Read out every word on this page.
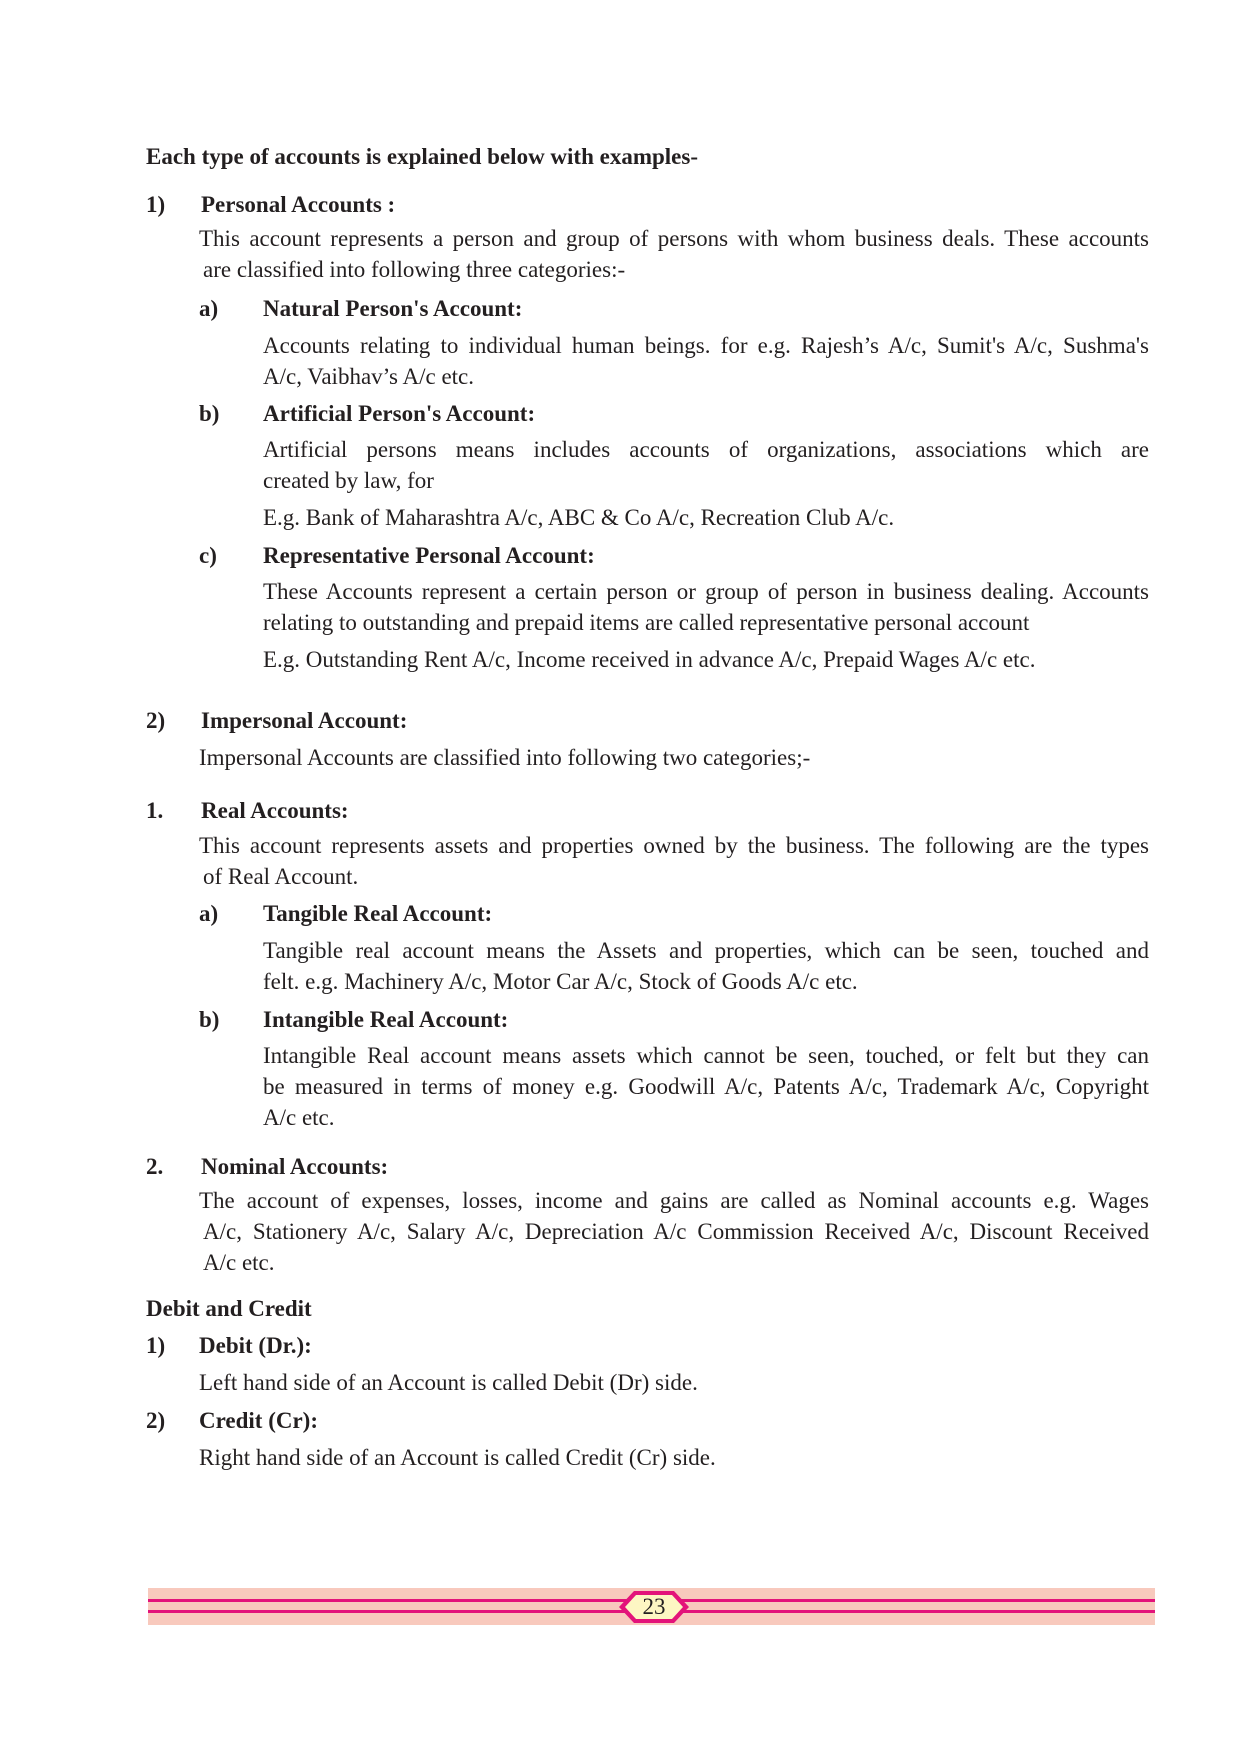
Each type of accounts is explained below with examples-
1) Personal Accounts :
This account represents a person and group of persons with whom business deals. These accounts
are classified into following three categories:-
a) Natural Person's Account:
Accounts relating to individual human beings. for e.g. Rajesh’s A/c, Sumit's A/c, Sushma's
A/c, Vaibhav’s A/c etc.
b) Artificial Person's Account:
Artificial persons means includes accounts of organizations, associations which are
created by law, for
E.g. Bank of Maharashtra A/c, ABC & Co A/c, Recreation Club A/c.
c) Representative Personal Account:
These Accounts represent a certain person or group of person in business dealing. Accounts
relating to outstanding and prepaid items are called representative personal account
E.g. Outstanding Rent A/c, Income received in advance A/c, Prepaid Wages A/c etc.
2) Impersonal Account:
Impersonal Accounts are classified into following two categories;-
1. Real Accounts:
This account represents assets and properties owned by the business. The following are the types
of Real Account.
a) Tangible Real Account:
Tangible real account means the Assets and properties, which can be seen, touched and
felt. e.g. Machinery A/c, Motor Car A/c, Stock of Goods A/c etc.
b) Intangible Real Account:
Intangible Real account means assets which cannot be seen, touched, or felt but they can
be measured in terms of money e.g. Goodwill A/c, Patents A/c, Trademark A/c, Copyright
A/c etc.
2. Nominal Accounts:
The account of expenses, losses, income and gains are called as Nominal accounts e.g. Wages
A/c, Stationery A/c, Salary A/c, Depreciation A/c Commission Received A/c, Discount Received
A/c etc.
Debit and Credit
1) Debit (Dr.):
Left hand side of an Account is called Debit (Dr) side.
2) Credit (Cr):
Right hand side of an Account is called Credit (Cr) side.
23
